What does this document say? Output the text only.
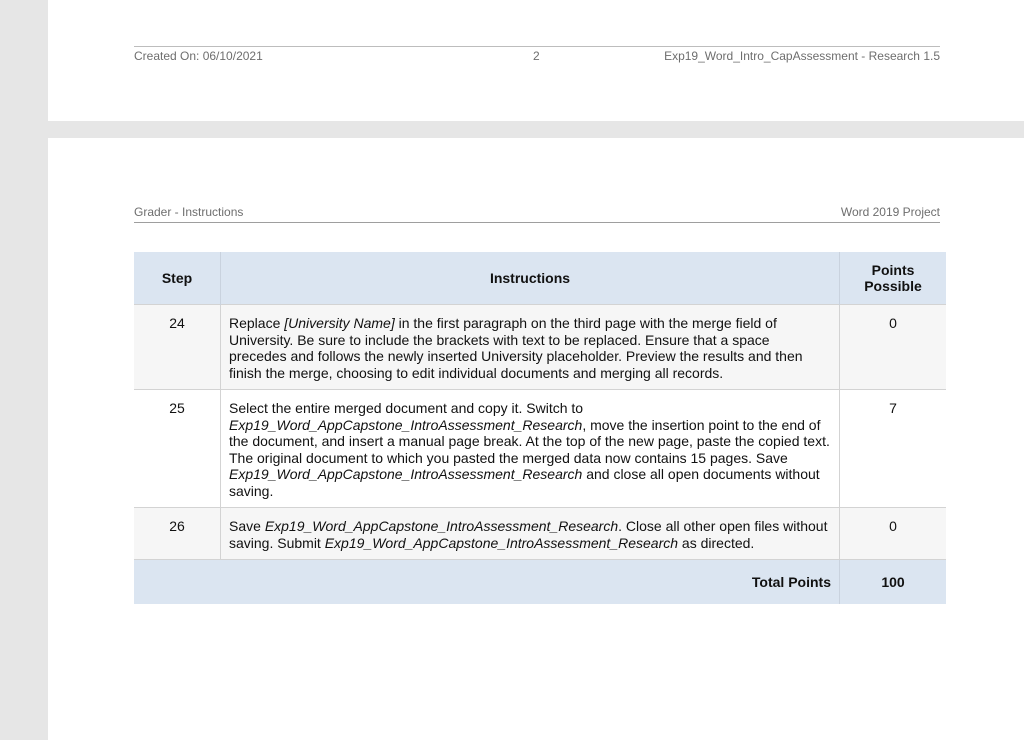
Created On: 06/10/2021	2	Exp19_Word_Intro_CapAssessment - Research 1.5
Grader - Instructions	Word 2019 Project
Step	Instructions	Points Possible
24	Replace [University Name] in the first paragraph on the third page with the merge field of University. Be sure to include the brackets with text to be replaced. Ensure that a space precedes and follows the newly inserted University placeholder. Preview the results and then finish the merge, choosing to edit individual documents and merging all records.	0
25	Select the entire merged document and copy it. Switch to Exp19_Word_AppCapstone_IntroAssessment_Research, move the insertion point to the end of the document, and insert a manual page break. At the top of the new page, paste the copied text. The original document to which you pasted the merged data now contains 15 pages. Save Exp19_Word_AppCapstone_IntroAssessment_Research and close all open documents without saving.	7
26	Save Exp19_Word_AppCapstone_IntroAssessment_Research. Close all other open files without saving. Submit Exp19_Word_AppCapstone_IntroAssessment_Research as directed.	0
Total Points		100
